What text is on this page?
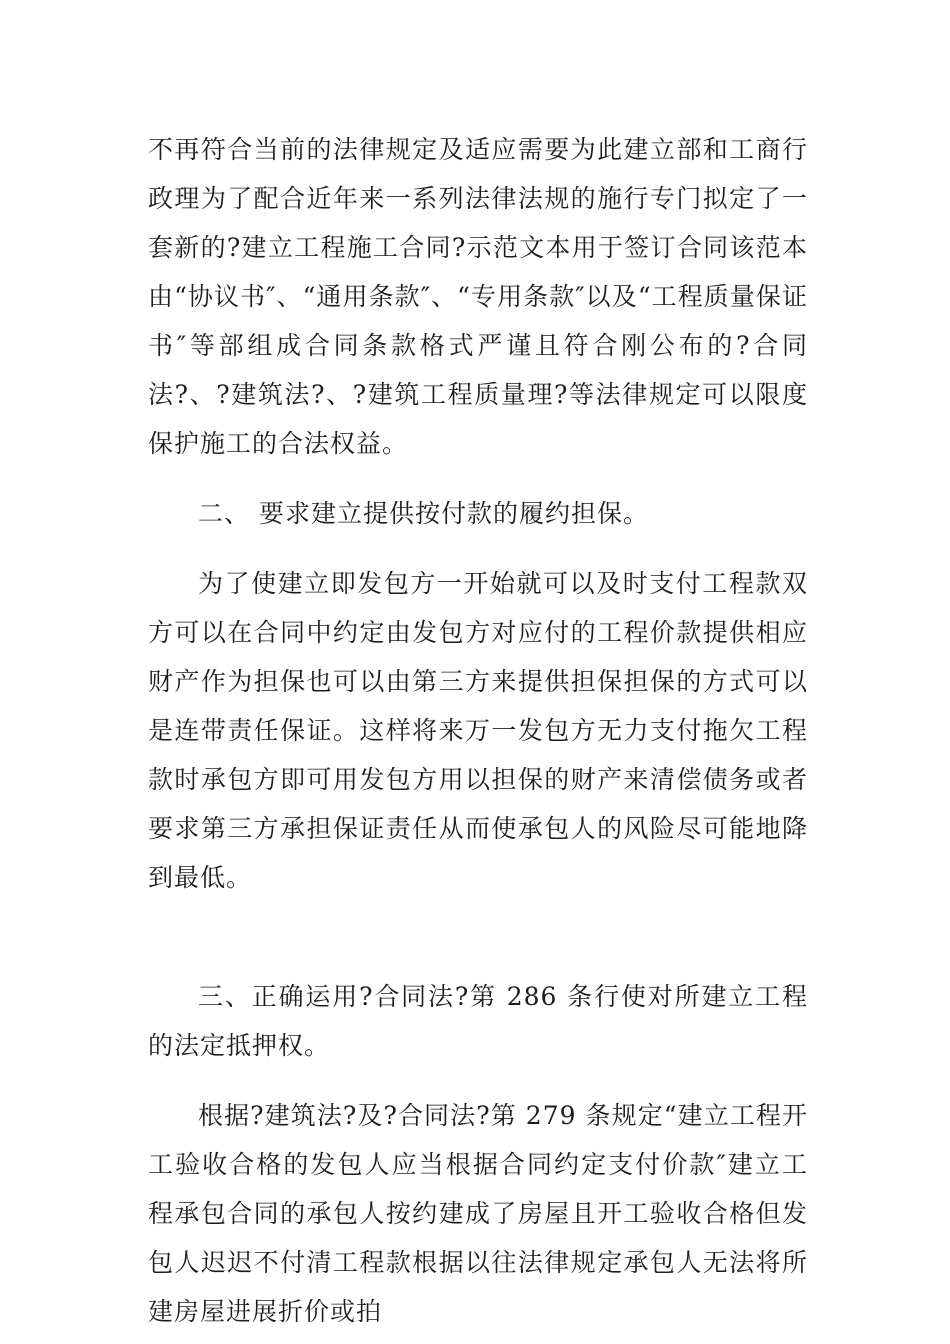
不再符合当前的法律规定及适应需要为此建立部和工商行政理为了配合近年来一系列法律法规的施行专门拟定了一套新的?建立工程施工合同?示范文本用于签订合同该范本由“协议书″、“通用条款″、“专用条款″以及“工程质量保证书″等部组成合同条款格式严谨且符合刚公布的?合同法?、?建筑法?、?建筑工程质量理?等法律规定可以限度保护施工的合法权益。

二、 要求建立提供按付款的履约担保。

为了使建立即发包方一开始就可以及时支付工程款双方可以在合同中约定由发包方对应付的工程价款提供相应财产作为担保也可以由第三方来提供担保担保的方式可以是连带责任保证。这样将来万一发包方无力支付拖欠工程款时承包方即可用发包方用以担保的财产来清偿债务或者要求第三方承担保证责任从而使承包人的风险尽可能地降到最低。

三、正确运用?合同法?第 286 条行使对所建立工程的法定抵押权。

根据?建筑法?及?合同法?第 279 条规定“建立工程开工验收合格的发包人应当根据合同约定支付价款″建立工程承包合同的承包人按约建成了房屋且开工验收合格但发包人迟迟不付清工程款根据以往法律规定承包人无法将所建房屋进展折价或拍
